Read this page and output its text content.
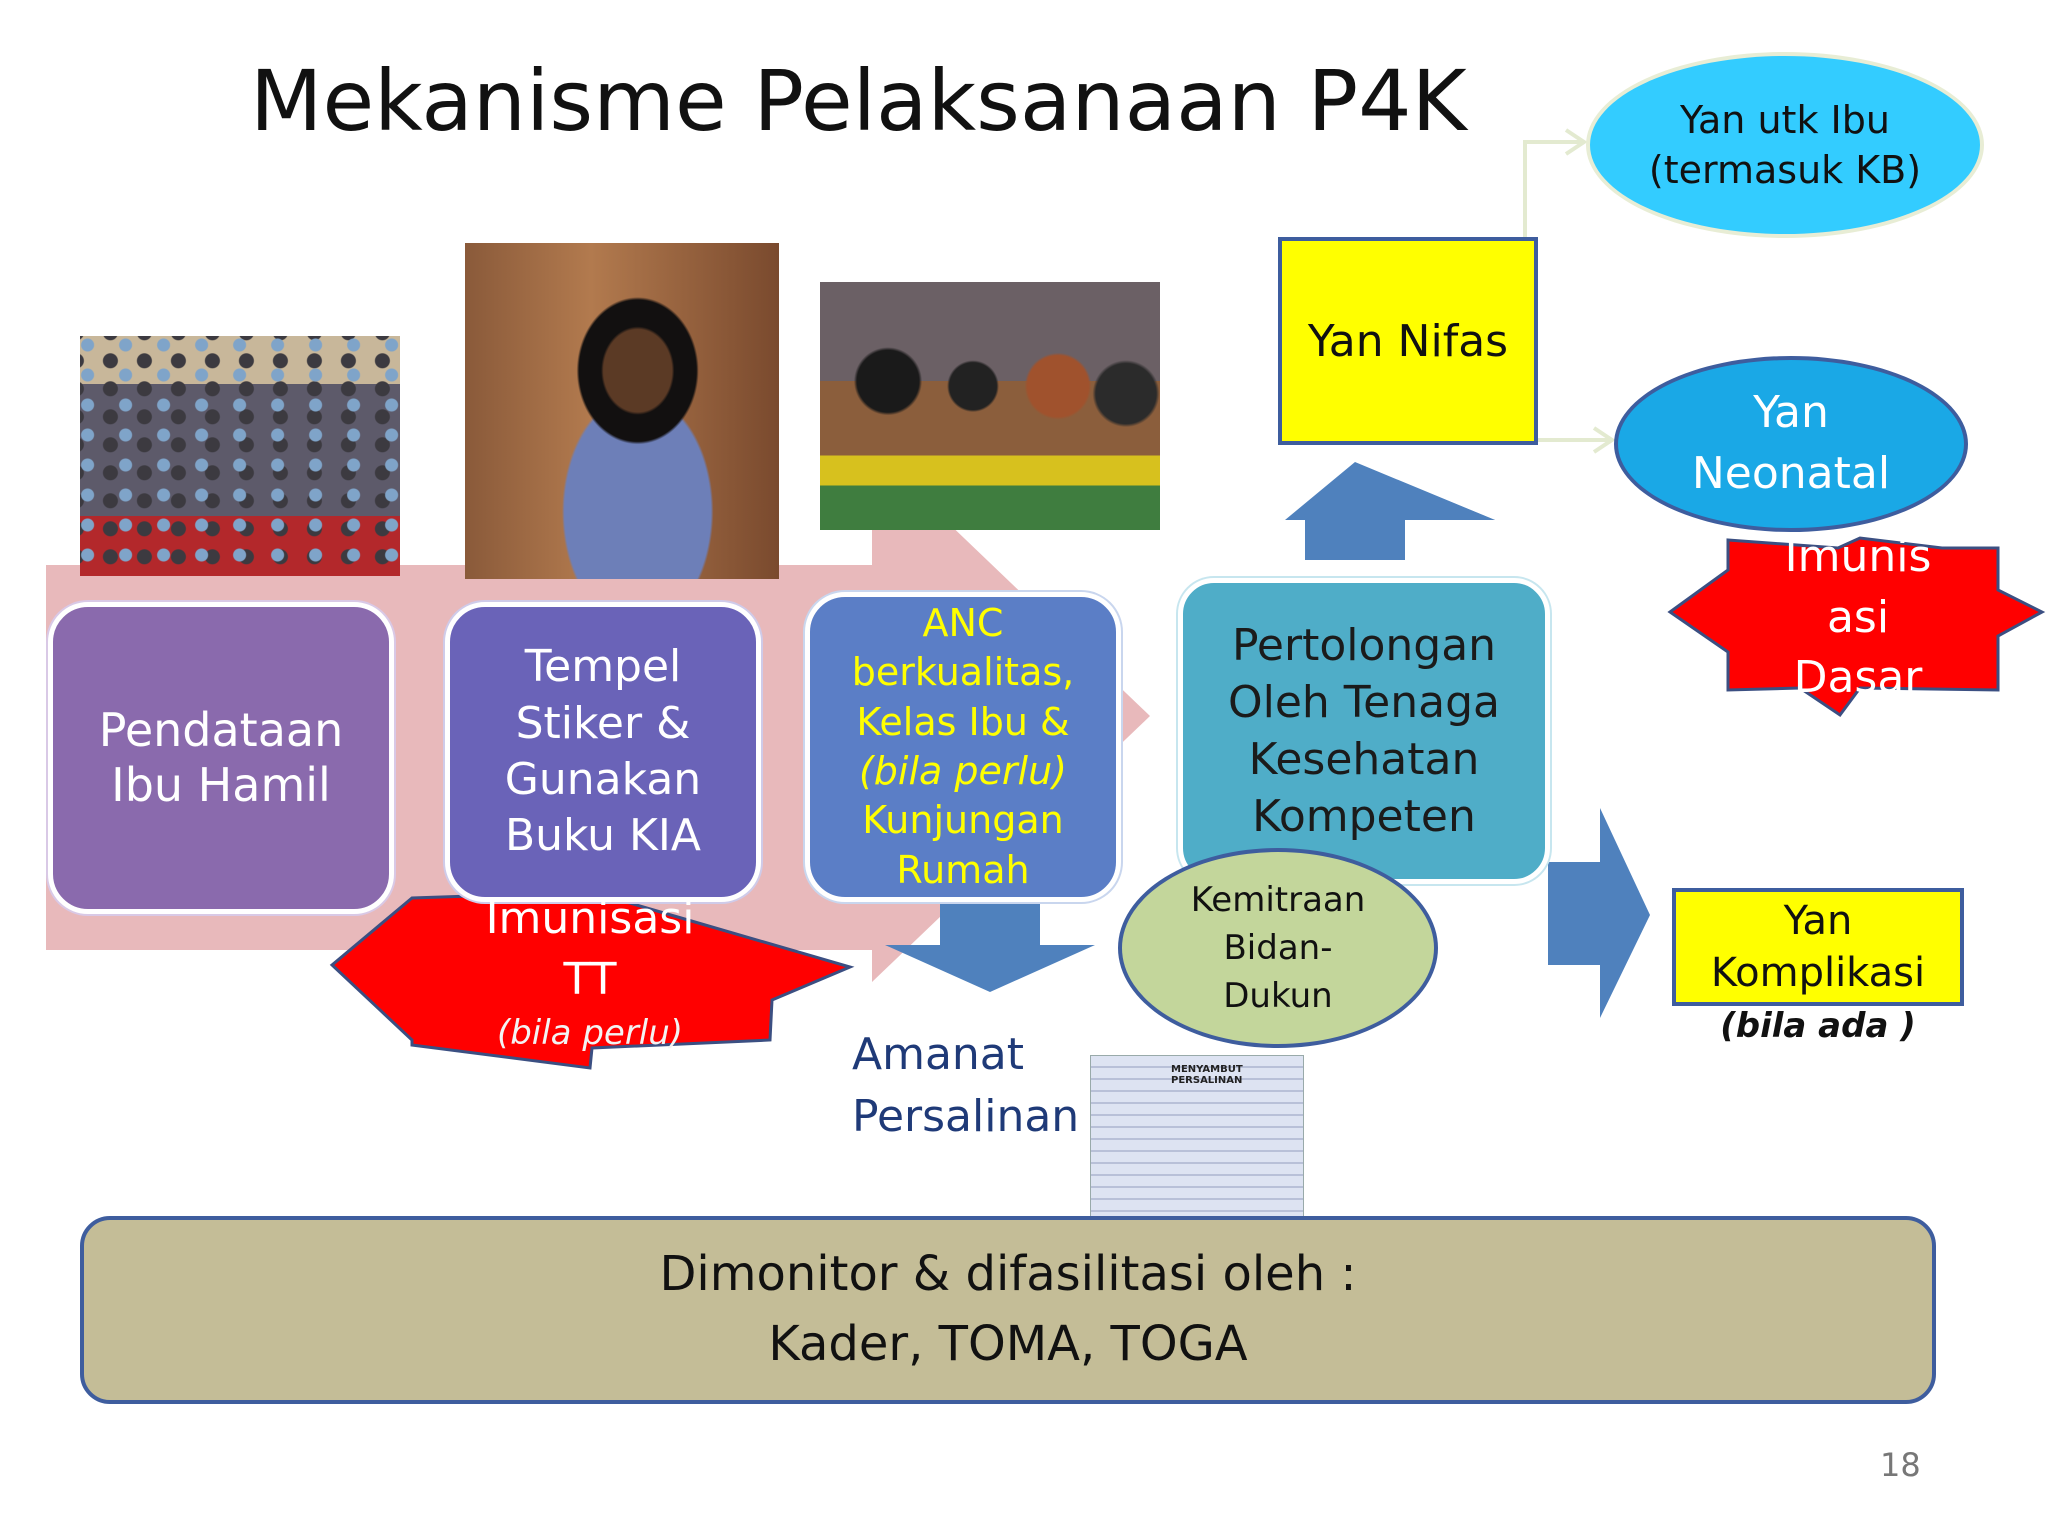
Mekanisme Pelaksanaan P4K
Pendataan
Ibu Hamil
Tempel
Stiker &
Gunakan
Buku KIA
ANC
berkualitas,
Kelas Ibu &
(bila perlu)
Kunjungan
Rumah
Pertolongan
Oleh Tenaga
Kesehatan
Kompeten
Imunisasi
TT
(bila perlu)	Amanat
Persalinan
MENYAMBUT
PERSALINAN
Kemitraan
Bidan-
Dukun
Yan Nifas
Yan utk Ibu
(termasuk KB)
Yan
Neonatal
Imunis
asi
Dasar
Yan
Komplikasi
(bila ada )
Dimonitor & difasilitasi oleh :
Kader, TOMA, TOGA
18
